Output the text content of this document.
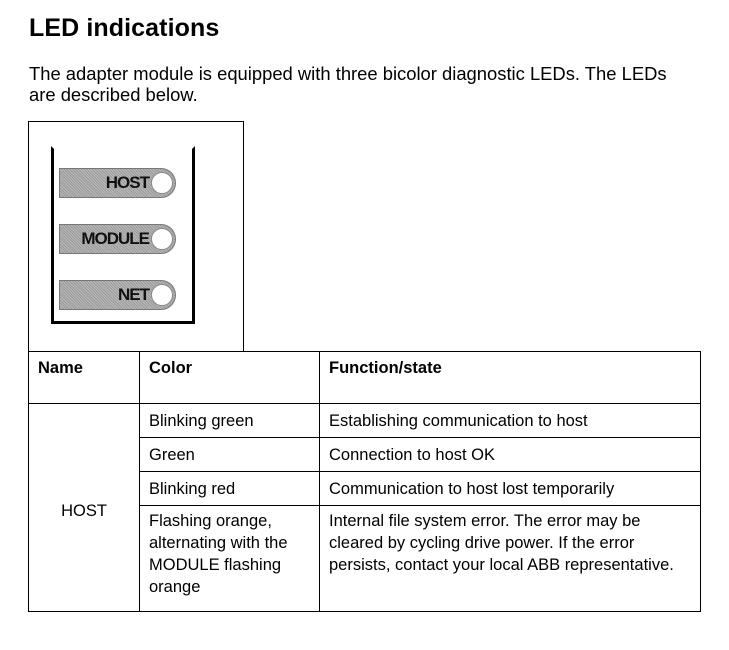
LED indications
The adapter module is equipped with three bicolor diagnostic LEDs. The LEDs are described below.
HOST
MODULE
NET
Name	Color	Function/state
HOST	Blinking green	Establishing communication to host
	Green	Connection to host OK
	Blinking red	Communication to host lost temporarily
	Flashing orange, alternating with the MODULE flashing orange	Internal file system error. The error may be cleared by cycling drive power. If the error persists, contact your local ABB representative.
